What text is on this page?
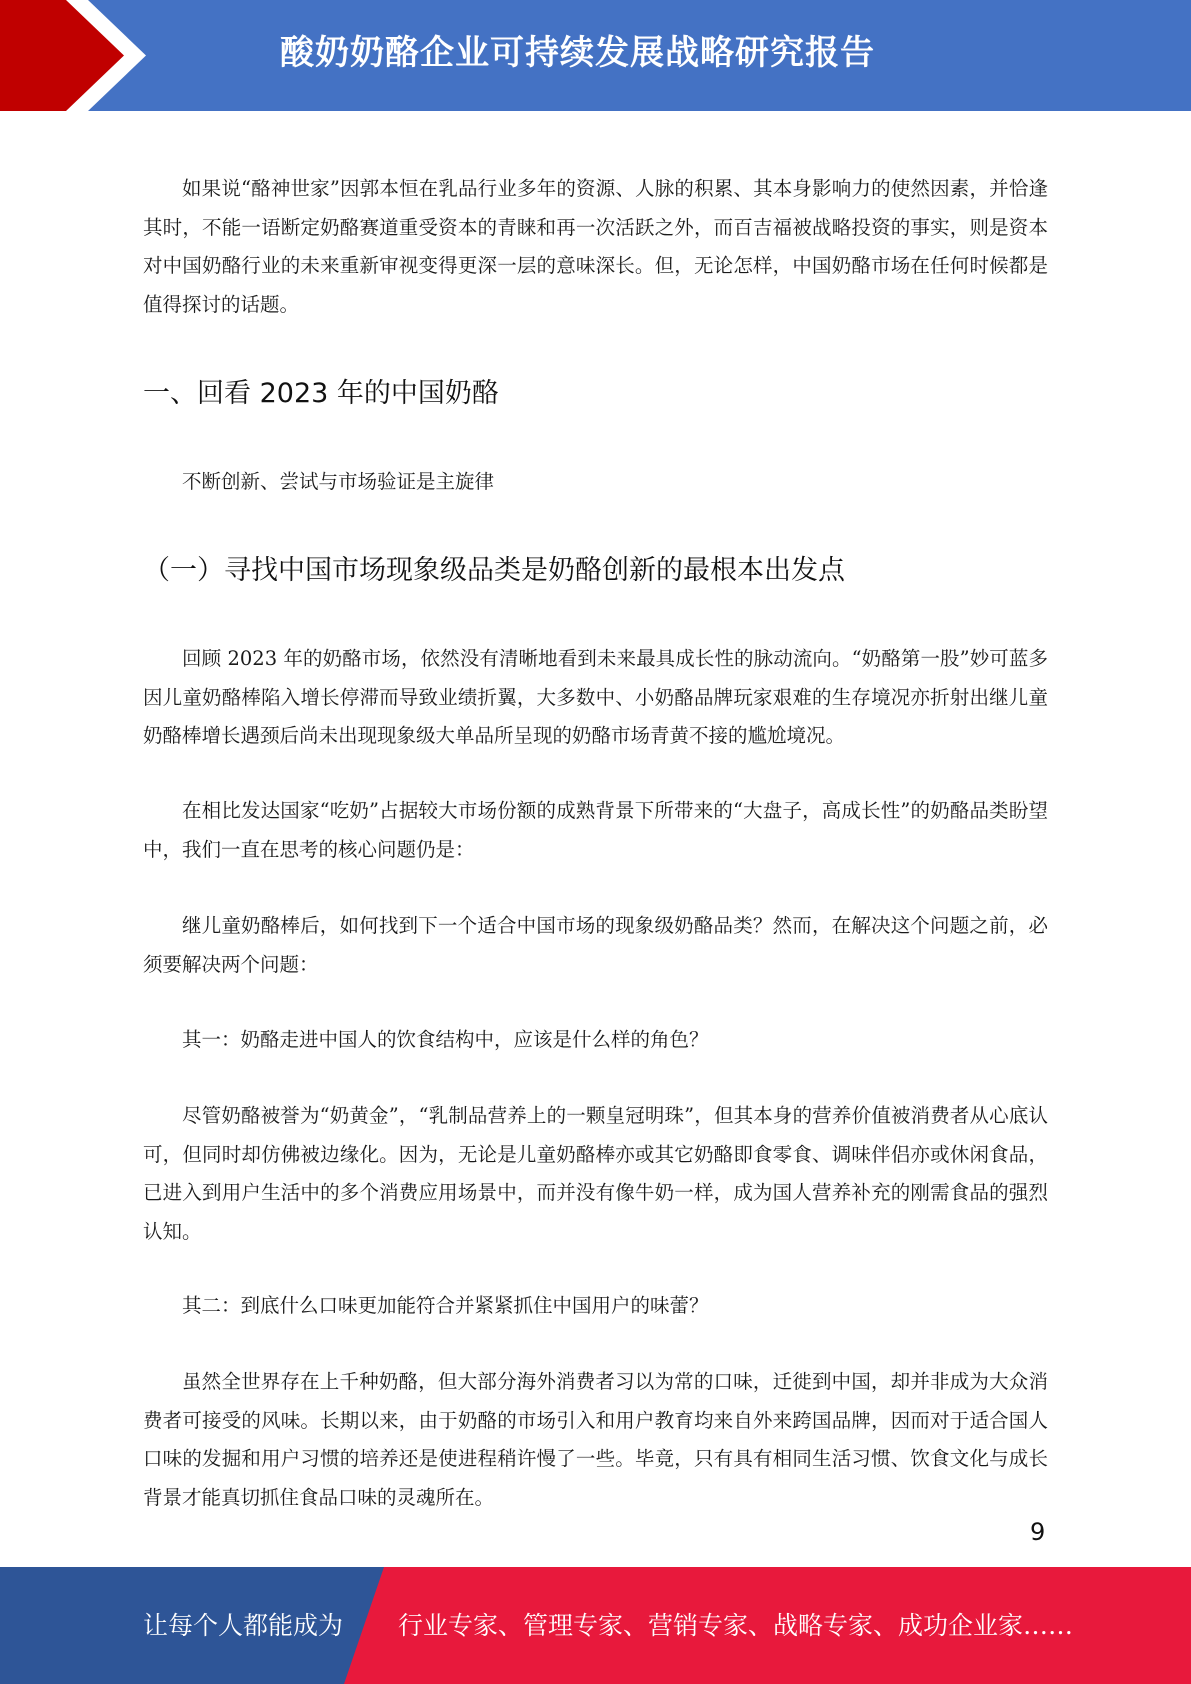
酸奶奶酪企业可持续发展战略研究报告

如果说“酪神世家”因郭本恒在乳品行业多年的资源、人脉的积累、其本身影响力的使然因素，并恰逢其时，不能一语断定奶酪赛道重受资本的青睐和再一次活跃之外，而百吉福被战略投资的事实，则是资本对中国奶酪行业的未来重新审视变得更深一层的意味深长。但，无论怎样，中国奶酪市场在任何时候都是值得探讨的话题。

一、回看 2023 年的中国奶酪

不断创新、尝试与市场验证是主旋律

（一）寻找中国市场现象级品类是奶酪创新的最根本出发点

回顾 2023 年的奶酪市场，依然没有清晰地看到未来最具成长性的脉动流向。“奶酪第一股”妙可蓝多因儿童奶酪棒陷入增长停滞而导致业绩折翼，大多数中、小奶酪品牌玩家艰难的生存境况亦折射出继儿童奶酪棒增长遇颈后尚未出现现象级大单品所呈现的奶酪市场青黄不接的尴尬境况。

在相比发达国家“吃奶”占据较大市场份额的成熟背景下所带来的“大盘子，高成长性”的奶酪品类盼望中，我们一直在思考的核心问题仍是：

继儿童奶酪棒后，如何找到下一个适合中国市场的现象级奶酪品类？然而，在解决这个问题之前，必须要解决两个问题：

其一：奶酪走进中国人的饮食结构中，应该是什么样的角色？

尽管奶酪被誉为“奶黄金”，“乳制品营养上的一颗皇冠明珠”，但其本身的营养价值被消费者从心底认可，但同时却仿佛被边缘化。因为，无论是儿童奶酪棒亦或其它奶酪即食零食、调味伴侣亦或休闲食品，已进入到用户生活中的多个消费应用场景中，而并没有像牛奶一样，成为国人营养补充的刚需食品的强烈认知。

其二：到底什么口味更加能符合并紧紧抓住中国用户的味蕾？

虽然全世界存在上千种奶酪，但大部分海外消费者习以为常的口味，迁徙到中国，却并非成为大众消费者可接受的风味。长期以来，由于奶酪的市场引入和用户教育均来自外来跨国品牌，因而对于适合国人口味的发掘和用户习惯的培养还是使进程稍许慢了一些。毕竟，只有具有相同生活习惯、饮食文化与成长背景才能真切抓住食品口味的灵魂所在。

9
让每个人都能成为 行业专家、管理专家、营销专家、战略专家、成功企业家……
